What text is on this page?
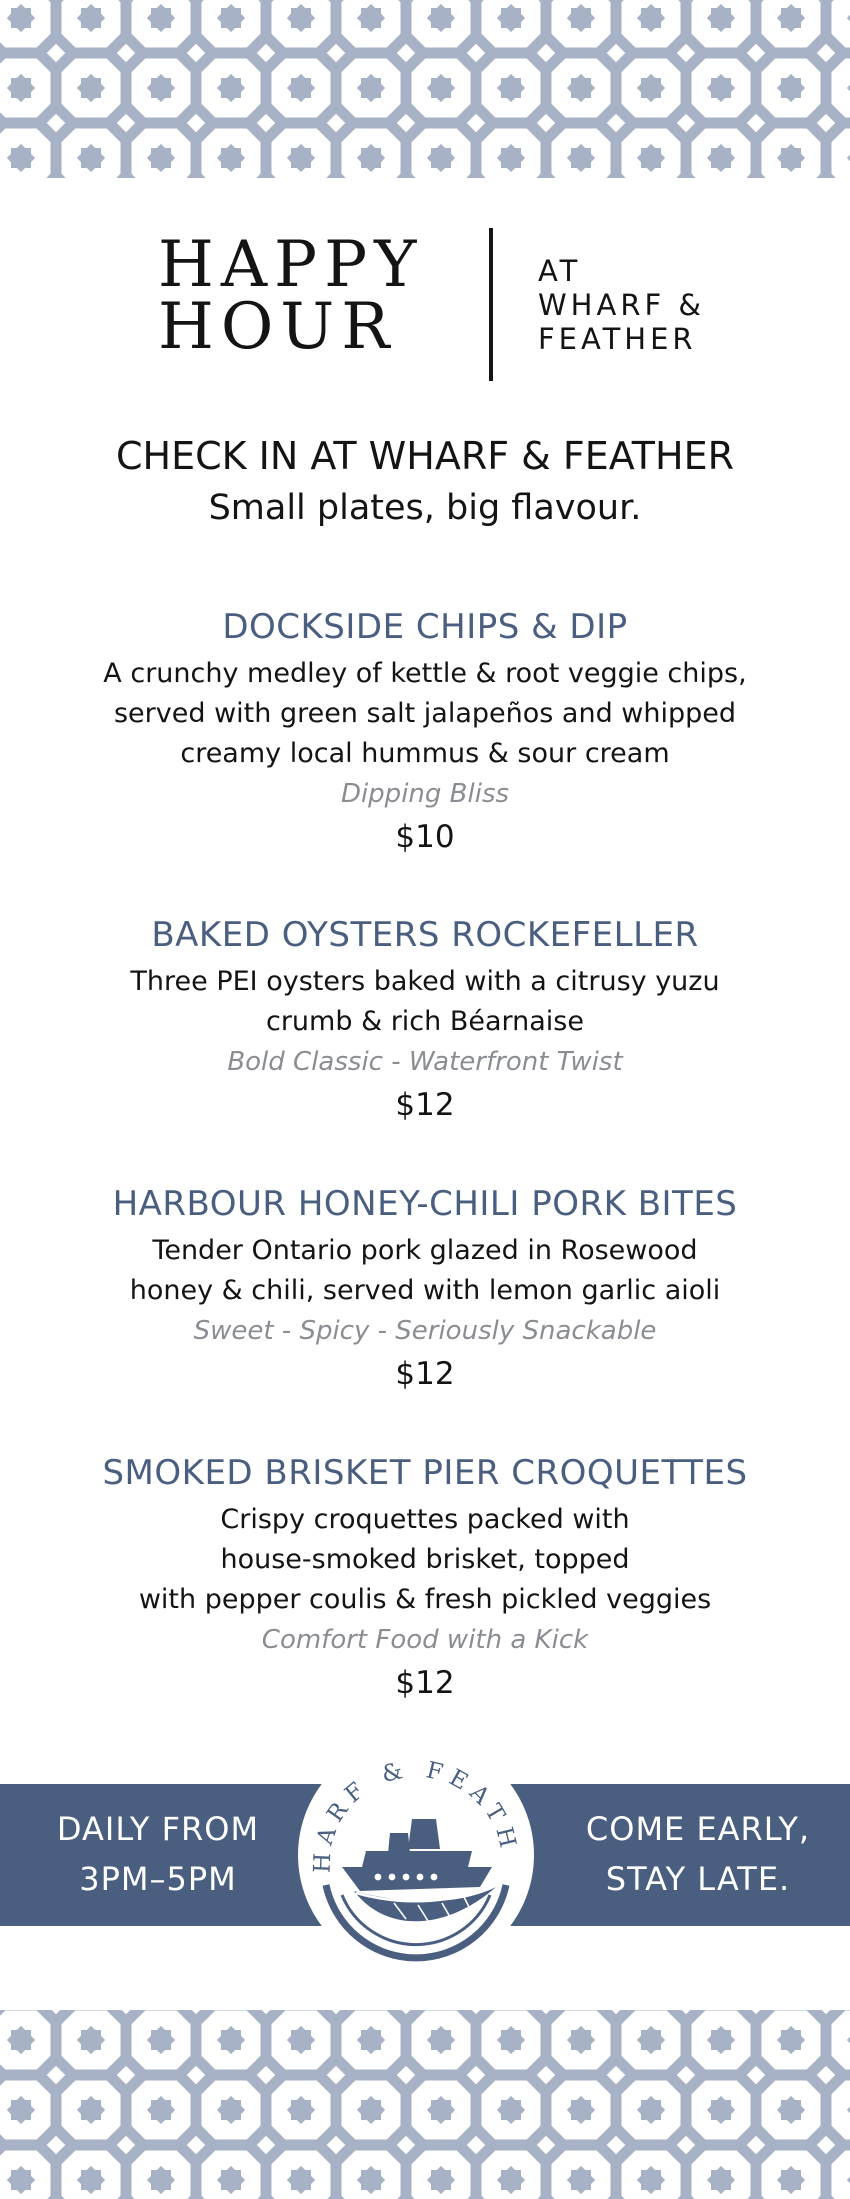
HAPPY
HOUR
AT
WHARF &
FEATHER
CHECK IN AT WHARF & FEATHER

Small plates, big flavour.

DOCKSIDE CHIPS & DIP

A crunchy medley of kettle & root veggie chips,
served with green salt jalapeños and whipped
creamy local hummus & sour cream

Dipping Bliss

$10

BAKED OYSTERS ROCKEFELLER

Three PEI oysters baked with a citrusy yuzu
crumb & rich Béarnaise

Bold Classic - Waterfront Twist

$12

HARBOUR HONEY-CHILI PORK BITES

Tender Ontario pork glazed in Rosewood
honey & chili, served with lemon garlic aioli

Sweet - Spicy - Seriously Snackable

$12

SMOKED BRISKET PIER CROQUETTES

Crispy croquettes packed with
house-smoked brisket, topped
with pepper coulis & fresh pickled veggies

Comfort Food with a Kick

$12

DAILY FROM
3PM–5PM
COME EARLY,
STAY LATE.
HARF & FEATH
